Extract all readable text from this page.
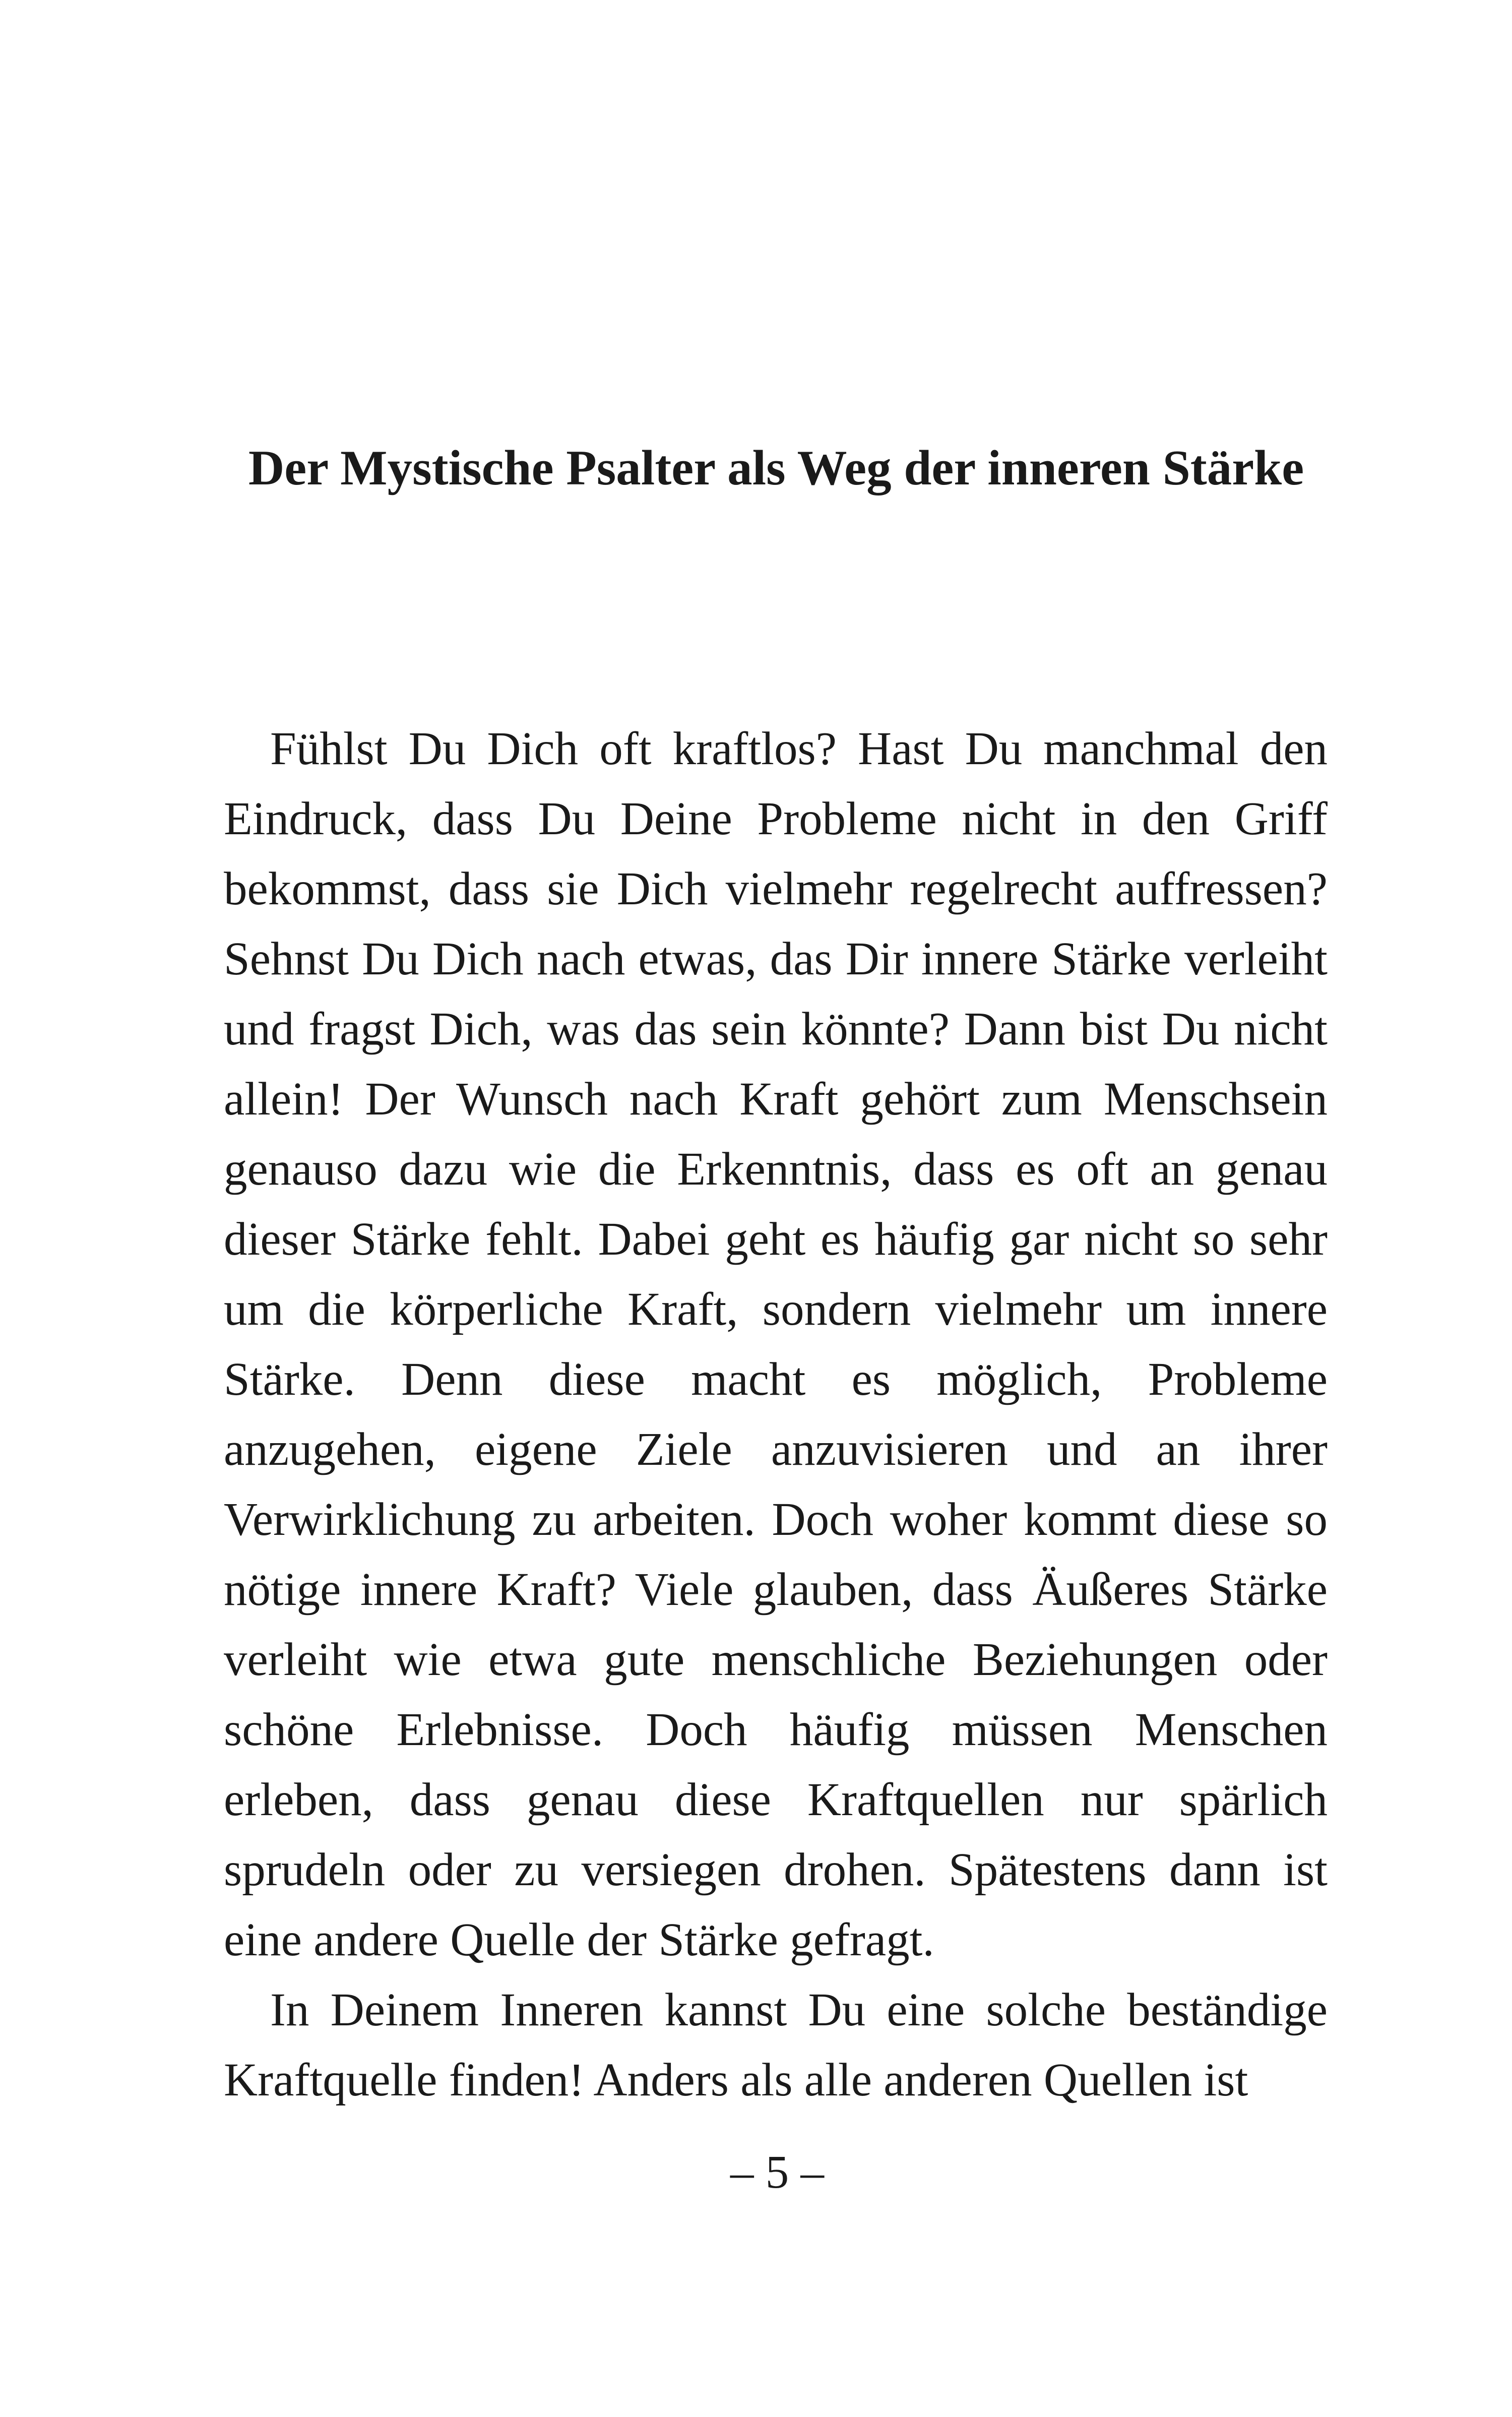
Der Mystische Psalter als Weg der inneren Stärke

Fühlst Du Dich oft kraftlos? Hast Du manchmal den Eindruck, dass Du Deine Probleme nicht in den Griff bekommst, dass sie Dich vielmehr regelrecht auffressen? Sehnst Du Dich nach etwas, das Dir innere Stärke verleiht und fragst Dich, was das sein könnte? Dann bist Du nicht allein! Der Wunsch nach Kraft gehört zum Menschsein genauso dazu wie die Erkenntnis, dass es oft an genau dieser Stärke fehlt. Dabei geht es häufig gar nicht so sehr um die körperliche Kraft, sondern vielmehr um innere Stärke. Denn diese macht es möglich, Probleme anzugehen, eigene Ziele anzuvisieren und an ihrer Verwirklichung zu arbeiten. Doch woher kommt diese so nötige innere Kraft? Viele glauben, dass Äußeres Stärke verleiht wie etwa gute menschliche Beziehungen oder schöne Erlebnisse. Doch häufig müssen Menschen erleben, dass genau diese Kraftquellen nur spärlich sprudeln oder zu versiegen drohen. Spätestens dann ist eine andere Quelle der Stärke gefragt.

In Deinem Inneren kannst Du eine solche beständige Kraftquelle finden! Anders als alle anderen Quellen ist

– 5 –
